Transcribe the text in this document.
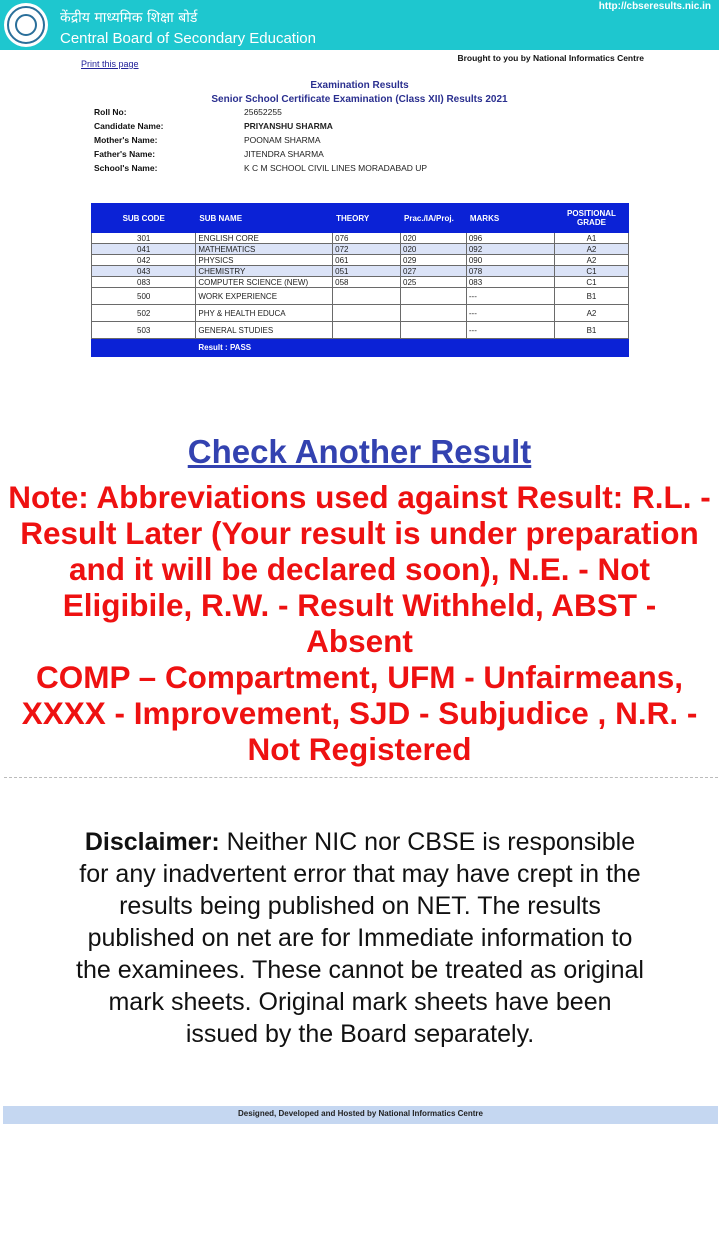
केंद्रीय माध्यमिक शिक्षा बोर्ड
Central Board of Secondary Education
http://cbseresults.nic.in
Print this page
Brought to you by National Informatics Centre
Examination Results
Senior School Certificate Examination (Class XII) Results 2021
Roll No:	25652255
Candidate Name:	PRIYANSHU SHARMA
Mother's Name:	POONAM SHARMA
Father's Name:	JITENDRA SHARMA
School's Name:	K C M SCHOOL CIVIL LINES MORADABAD UP
SUB CODE	SUB NAME	THEORY	Prac./IA/Proj.	MARKS	POSITIONAL GRADE
301	ENGLISH CORE	076	020	096	A1
041	MATHEMATICS	072	020	092	A2
042	PHYSICS	061	029	090	A2
043	CHEMISTRY	051	027	078	C1
083	COMPUTER SCIENCE (NEW)	058	025	083	C1
500	WORK EXPERIENCE			---	B1
502	PHY & HEALTH EDUCA			---	A2
503	GENERAL STUDIES			---	B1
	Result : PASS				
Check Another Result

Note: Abbreviations used against Result: R.L. - Result Later (Your result is under preparation and it will be declared soon), N.E. - Not Eligibile, R.W. - Result Withheld, ABST - Absent

COMP – Compartment, UFM - Unfairmeans, XXXX - Improvement, SJD - Subjudice , N.R. - Not Registered

Disclaimer: Neither NIC nor CBSE is responsible for any inadvertent error that may have crept in the results being published on NET. The results published on net are for Immediate information to the examinees. These cannot be treated as original mark sheets. Original mark sheets have been issued by the Board separately.
Designed, Developed and Hosted by National Informatics Centre
